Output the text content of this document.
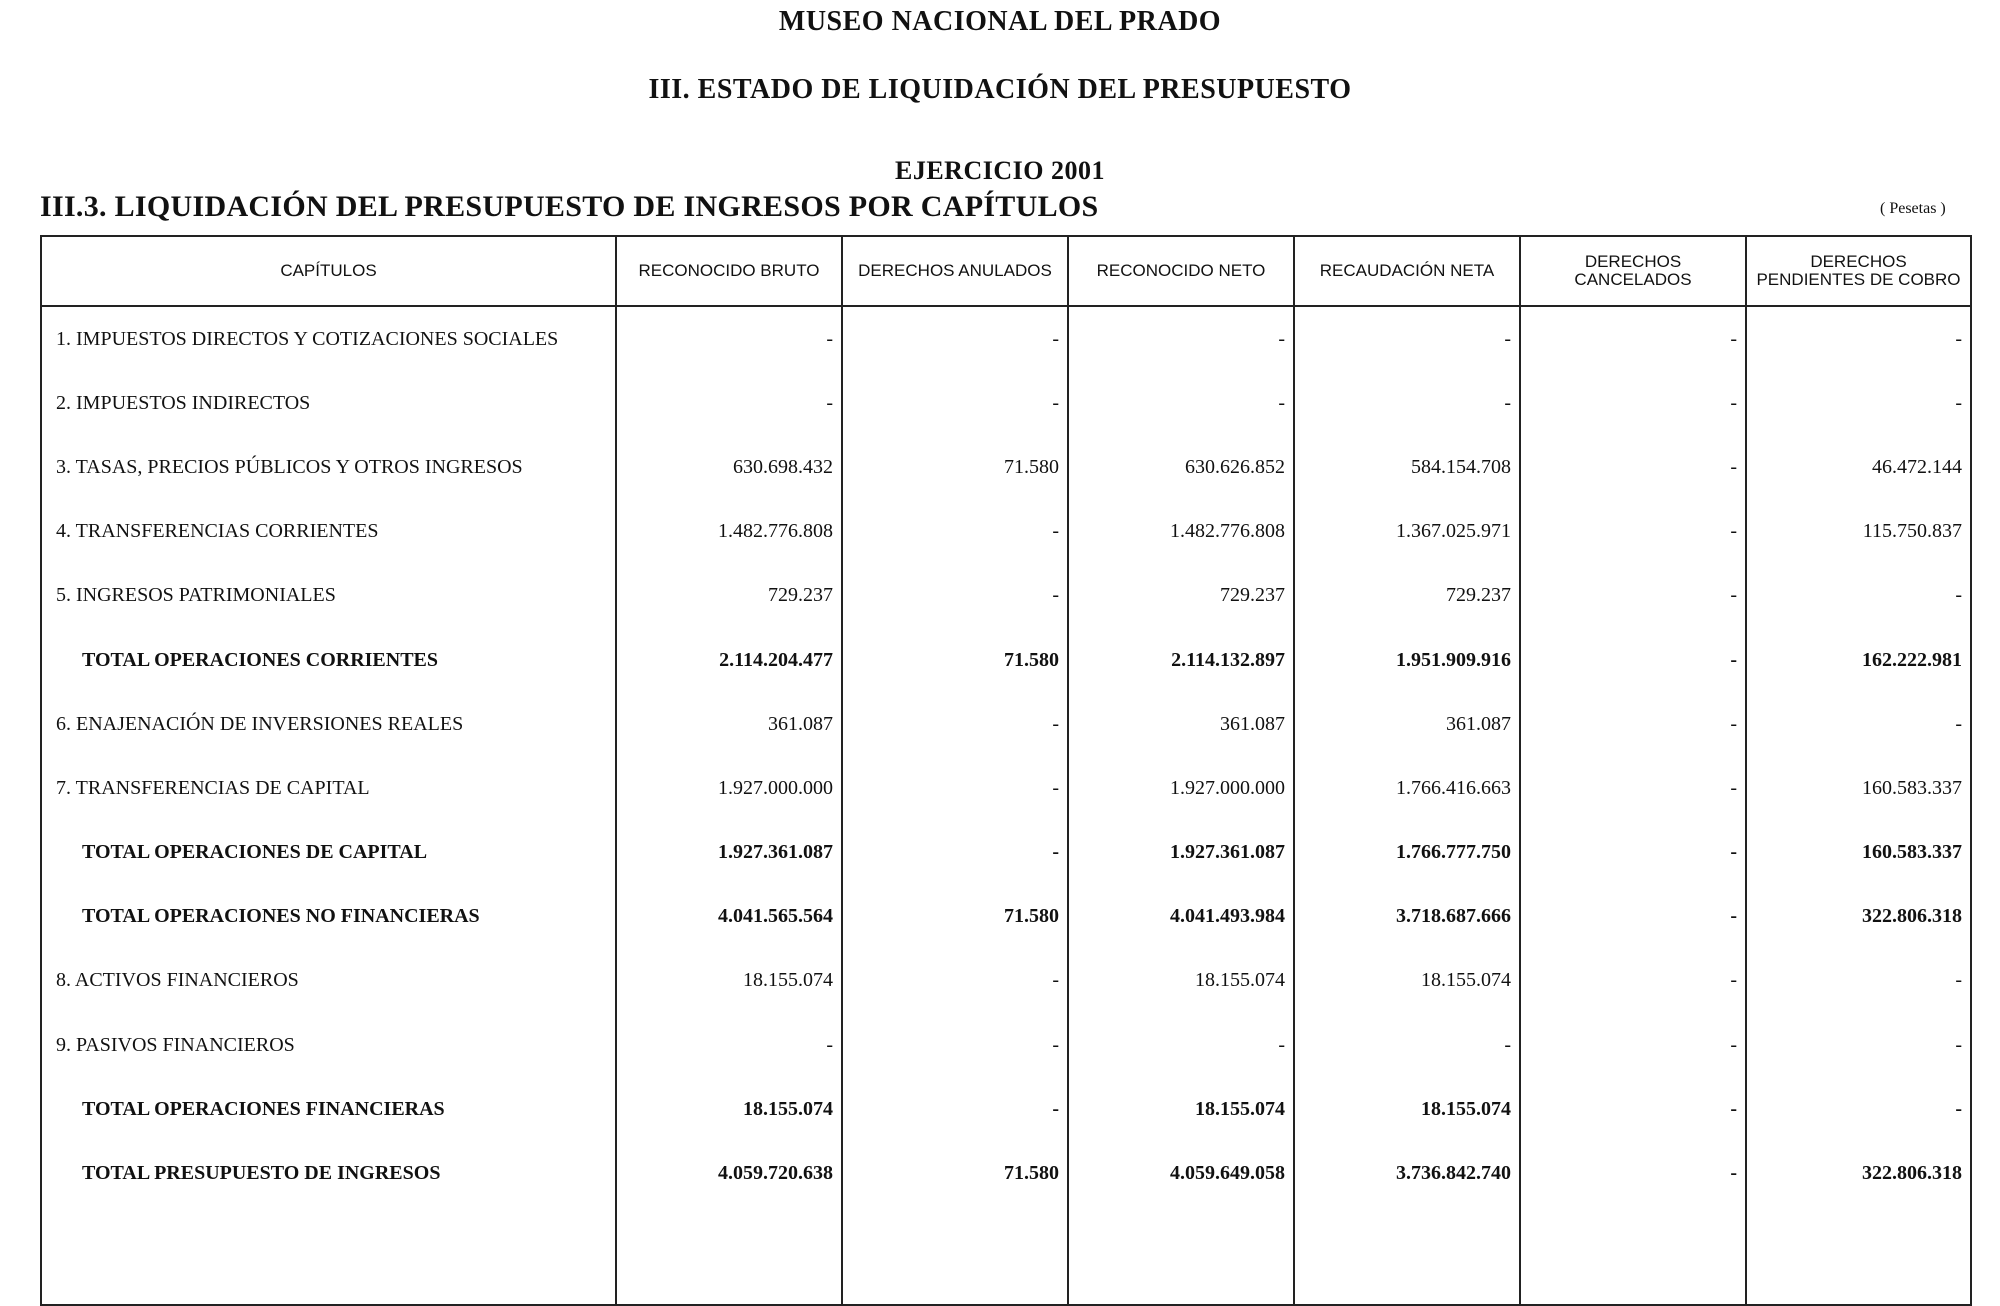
MUSEO NACIONAL DEL PRADO
III. ESTADO DE LIQUIDACIÓN DEL PRESUPUESTO
EJERCICIO 2001
III.3. LIQUIDACIÓN DEL PRESUPUESTO DE INGRESOS POR CAPÍTULOS	( Pesetas )
CAPÍTULOS	RECONOCIDO BRUTO	DERECHOS ANULADOS	RECONOCIDO NETO	RECAUDACIÓN NETA	DERECHOS CANCELADOS	DERECHOS PENDIENTES DE COBRO
1. IMPUESTOS DIRECTOS Y COTIZACIONES SOCIALES	-	-	-	-	-	-
2. IMPUESTOS INDIRECTOS	-	-	-	-	-	-
3. TASAS, PRECIOS PÚBLICOS Y OTROS INGRESOS	630.698.432	71.580	630.626.852	584.154.708	-	46.472.144
4. TRANSFERENCIAS CORRIENTES	1.482.776.808	-	1.482.776.808	1.367.025.971	-	115.750.837
5. INGRESOS PATRIMONIALES	729.237	-	729.237	729.237	-	-
TOTAL OPERACIONES CORRIENTES	2.114.204.477	71.580	2.114.132.897	1.951.909.916	-	162.222.981
6. ENAJENACIÓN DE INVERSIONES REALES	361.087	-	361.087	361.087	-	-
7. TRANSFERENCIAS DE CAPITAL	1.927.000.000	-	1.927.000.000	1.766.416.663	-	160.583.337
TOTAL OPERACIONES DE CAPITAL	1.927.361.087	-	1.927.361.087	1.766.777.750	-	160.583.337
TOTAL OPERACIONES NO FINANCIERAS	4.041.565.564	71.580	4.041.493.984	3.718.687.666	-	322.806.318
8. ACTIVOS FINANCIEROS	18.155.074	-	18.155.074	18.155.074	-	-
9. PASIVOS FINANCIEROS	-	-	-	-	-	-
TOTAL OPERACIONES FINANCIERAS	18.155.074	-	18.155.074	18.155.074	-	-
TOTAL PRESUPUESTO DE INGRESOS	4.059.720.638	71.580	4.059.649.058	3.736.842.740	-	322.806.318
